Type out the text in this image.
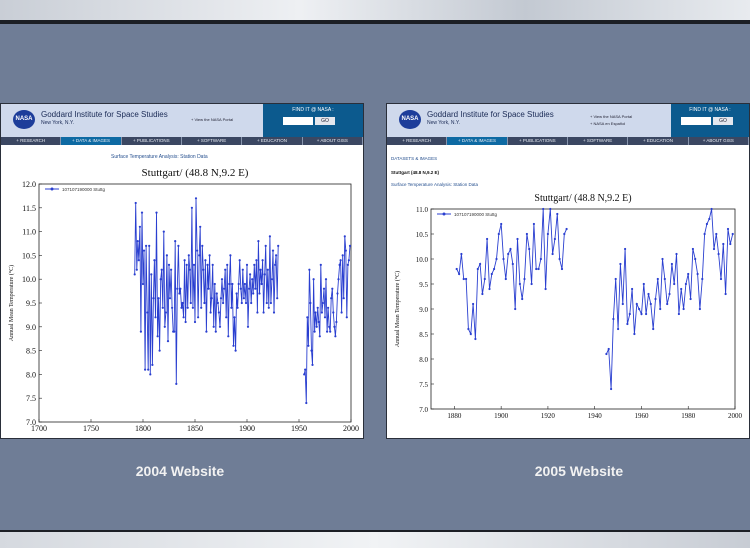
NASA	Goddard Institute for Space Studies
New York, N.Y.
+ View the NASA Portal
FIND IT @ NASA :
GO
+ RESEARCH	+ DATA & IMAGES	+ PUBLICATIONS	+ SOFTWARE	+ EDUCATION	+ ABOUT GISS
Surface Temperature Analysis: Station Data
Stuttgart/ (48.8 N,9.2 E)
1700	1750	1800	1850	1900	1950	2000
7.0
7.5
8.0
8.5
9.0
9.5
10.0
10.5
11.0
11.5
12.0
Annual Mean Temperature (°C)
107107190000 Stuttg
NASA	Goddard Institute for Space Studies
New York, N.Y.
+ View the NASA Portal
+ NASA en Español
FIND IT @ NASA :
GO
+ RESEARCH	+ DATA & IMAGES	+ PUBLICATIONS	+ SOFTWARE	+ EDUCATION	+ ABOUT GISS
DATASETS & IMAGES
Stuttgart (48.8 N,9.2 E)
Surface Temperature Analysis: Station Data
Stuttgart/ (48.8 N,9.2 E)
1880	1900	1920	1940	1960	1980	2000
7.0
7.5
8.0
8.5
9.0
9.5
10.0
10.5
11.0
Annual Mean Temperature (°C)
107107190000 Stuttg
2004 Website	2005 Website
